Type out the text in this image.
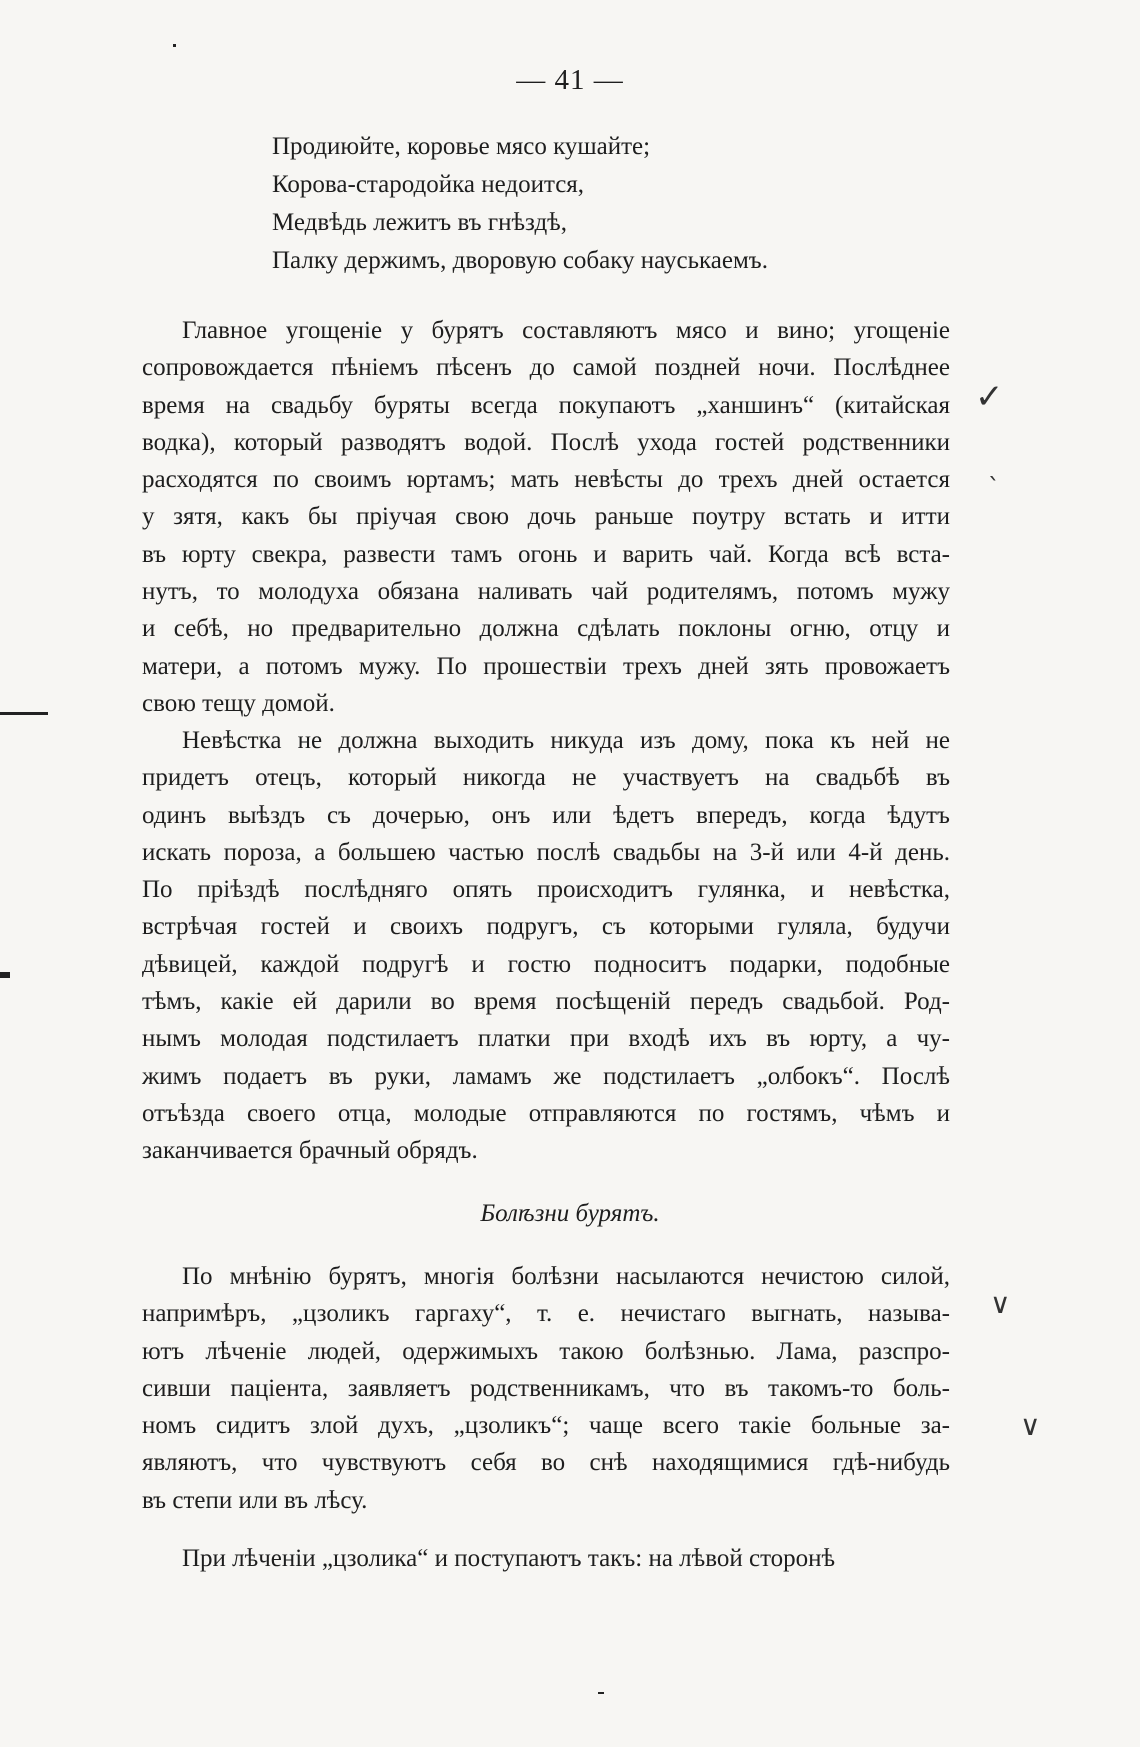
— 41 —
Продиюйте, коровье мясо кушайте;
Корова-стародойка недоится,
Медвѣдь лежитъ въ гнѣздѣ,
Палку держимъ, дворовую собаку науськаемъ.
Главное угощеніе у бурятъ составляютъ мясо и вино; угощеніе
сопровождается пѣніемъ пѣсенъ до самой поздней ночи. Послѣднее
время на свадьбу буряты всегда покупаютъ „ханшинъ“ (китайская
водка), который разводятъ водой. Послѣ ухода гостей родственники
расходятся по своимъ юртамъ; мать невѣсты до трехъ дней остается
у зятя, какъ бы пріучая свою дочь раньше поутру встать и итти
въ юрту свекра, развести тамъ огонь и варить чай. Когда всѣ вста-
нутъ, то молодуха обязана наливать чай родителямъ, потомъ мужу
и себѣ, но предварительно должна сдѣлать поклоны огню, отцу и
матери, а потомъ мужу. По прошествіи трехъ дней зять провожаетъ
свою тещу домой.
Невѣстка не должна выходить никуда изъ дому, пока къ ней не
придетъ отецъ, который никогда не участвуетъ на свадьбѣ въ
одинъ выѣздъ съ дочерью, онъ или ѣдетъ впередъ, когда ѣдутъ
искать пороза, а большею частью послѣ свадьбы на 3-й или 4-й день.
По пріѣздѣ послѣдняго опять происходитъ гулянка, и невѣстка,
встрѣчая гостей и своихъ подругъ, съ которыми гуляла, будучи
дѣвицей, каждой подругѣ и гостю подноситъ подарки, подобные
тѣмъ, какіе ей дарили во время посѣщеній передъ свадьбой. Род-
нымъ молодая подстилаетъ платки при входѣ ихъ въ юрту, а чу-
жимъ подаетъ въ руки, ламамъ же подстилаетъ „олбокъ“. Послѣ
отъѣзда своего отца, молодые отправляются по гостямъ, чѣмъ и
заканчивается брачный обрядъ.
Болѣзни бурятъ.
По мнѣнію бурятъ, многія болѣзни насылаются нечистою силой,
напримѣръ, „цзоликъ гаргаху“, т. е. нечистаго выгнать, называ-
ютъ лѣченіе людей, одержимыхъ такою болѣзнью. Лама, разспро-
сивши паціента, заявляетъ родственникамъ, что въ такомъ-то боль-
номъ сидитъ злой духъ, „цзоликъ“; чаще всего такіе больные за-
являютъ, что чувствуютъ себя во снѣ находящимися гдѣ-нибудь
въ степи или въ лѣсу.
При лѣченіи „цзолика“ и поступаютъ такъ: на лѣвой сторонѣ
✓
ˎ
∨
∨
